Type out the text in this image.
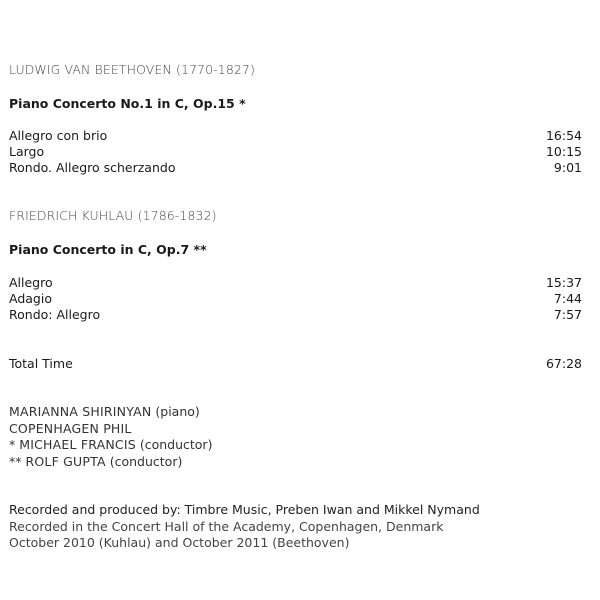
LUDWIG VAN BEETHOVEN (1770-1827)
Piano Concerto No.1 in C, Op.15 *
Allegro con brio	16:54
Largo	10:15
Rondo. Allegro scherzando	9:01
FRIEDRICH KUHLAU (1786-1832)
Piano Concerto in C, Op.7 **
Allegro	15:37
Adagio	7:44
Rondo: Allegro	7:57
Total Time	67:28
MARIANNA SHIRINYAN (piano)
COPENHAGEN PHIL
* MICHAEL FRANCIS (conductor)
** ROLF GUPTA (conductor)
Recorded and produced by: Timbre Music, Preben Iwan and Mikkel Nymand
Recorded in the Concert Hall of the Academy, Copenhagen, Denmark
October 2010 (Kuhlau) and October 2011 (Beethoven)
